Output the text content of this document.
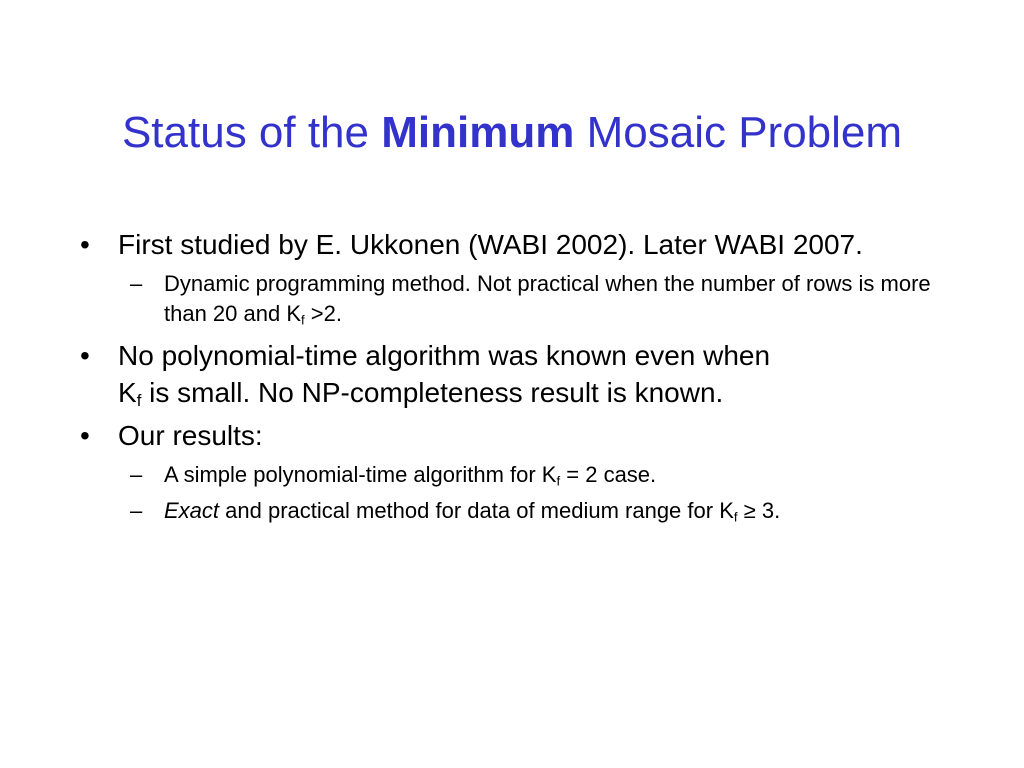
Status of the Minimum Mosaic Problem
• First studied by E. Ukkonen (WABI 2002). Later WABI 2007.
– Dynamic programming method. Not practical when the number of rows is more than 20 and $K_f >2$.
• No polynomial-time algorithm was known even when
$K_f$ is small. No NP-completeness result is known.
• Our results:
– A simple polynomial-time algorithm for $K_f = 2$ case.
– Exact and practical method for data of medium range for $K_f \ge 3$.
